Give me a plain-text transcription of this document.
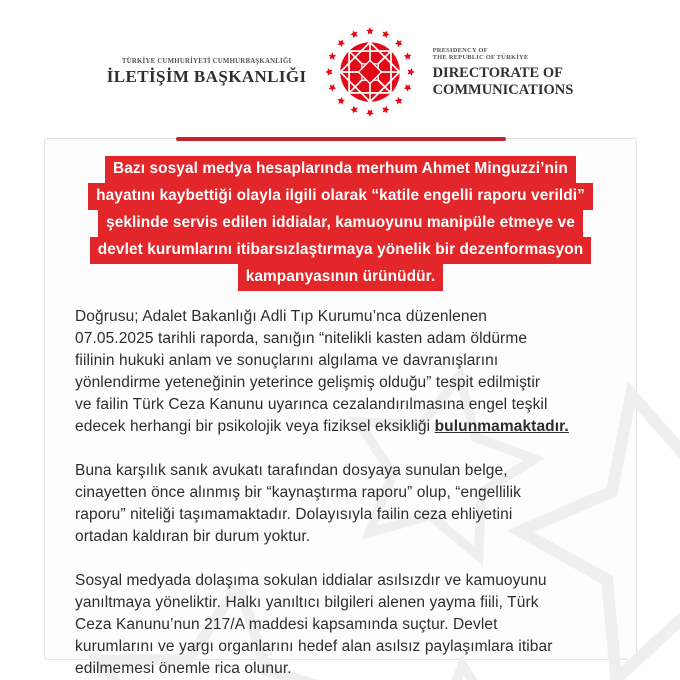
TÜRKİYE CUMHURİYETİ CUMHURBAŞKANLIĞI
İLETİŞİM BAŞKANLIĞI
PRESIDENCY OF
THE REPUBLIC OF TÜRKİYE
DIRECTORATE OF
COMMUNICATIONS
Bazı sosyal medya hesaplarında merhum Ahmet Minguzzi’nin
hayatını kaybettiği olayla ilgili olarak “katile engelli raporu verildi”
şeklinde servis edilen iddialar, kamuoyunu manipüle etmeye ve
devlet kurumlarını itibarsızlaştırmaya yönelik bir dezenformasyon
kampanyasının ürünüdür.
Doğrusu; Adalet Bakanlığı Adli Tıp Kurumu’nca düzenlenen
07.05.2025 tarihli raporda, sanığın “nitelikli kasten adam öldürme
fiilinin hukuki anlam ve sonuçlarını algılama ve davranışlarını
yönlendirme yeteneğinin yeterince gelişmiş olduğu” tespit edilmiştir
ve failin Türk Ceza Kanunu uyarınca cezalandırılmasına engel teşkil
edecek herhangi bir psikolojik veya fiziksel eksikliği bulunmamaktadır.
Buna karşılık sanık avukatı tarafından dosyaya sunulan belge,
cinayetten önce alınmış bir “kaynaştırma raporu” olup, “engellilik
raporu” niteliği taşımamaktadır. Dolayısıyla failin ceza ehliyetini
ortadan kaldıran bir durum yoktur.
Sosyal medyada dolaşıma sokulan iddialar asılsızdır ve kamuoyunu
yanıltmaya yöneliktir. Halkı yanıltıcı bilgileri alenen yayma fiili, Türk
Ceza Kanunu’nun 217/A maddesi kapsamında suçtur. Devlet
kurumlarını ve yargı organlarını hedef alan asılsız paylaşımlara itibar
edilmemesi önemle rica olunur.
